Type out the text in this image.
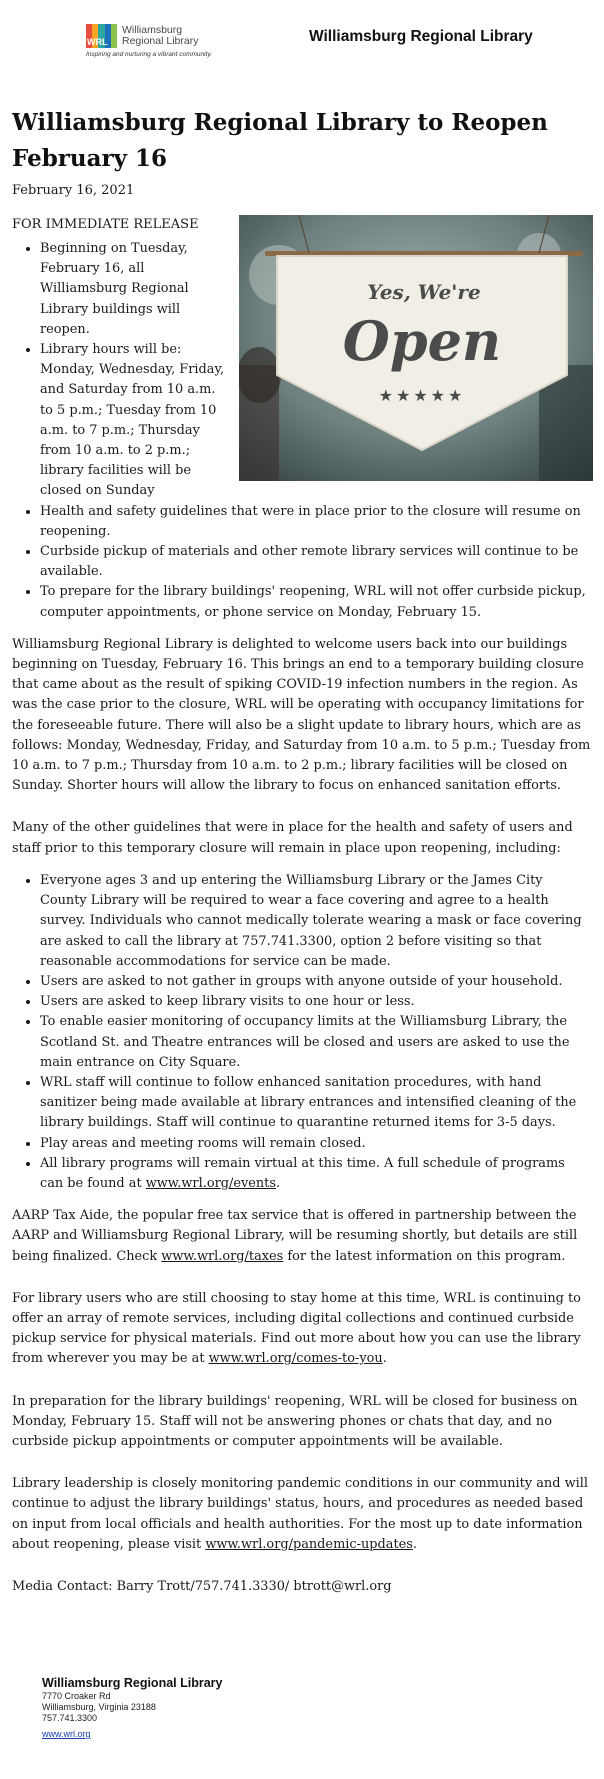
WRL
Williamsburg
Regional Library
Inspiring and nurturing a vibrant community.
Williamsburg Regional Library
Williamsburg Regional Library to Reopen February 16
February 16, 2021
Yes, We're
Open
★★★★★
FOR IMMEDIATE RELEASE
• Beginning on Tuesday, February 16, all Williamsburg Regional Library buildings will reopen.
• Library hours will be: Monday, Wednesday, Friday, and Saturday from 10 a.m. to 5 p.m.; Tuesday from 10 a.m. to 7 p.m.; Thursday from 10 a.m. to 2 p.m.; library facilities will be closed on Sunday
• Health and safety guidelines that were in place prior to the closure will resume on reopening.
• Curbside pickup of materials and other remote library services will continue to be available.
• To prepare for the library buildings' reopening, WRL will not offer curbside pickup, computer appointments, or phone service on Monday, February 15.

Williamsburg Regional Library is delighted to welcome users back into our buildings beginning on Tuesday, February 16. This brings an end to a temporary building closure that came about as the result of spiking COVID-19 infection numbers in the region. As was the case prior to the closure, WRL will be operating with occupancy limitations for the foreseeable future. There will also be a slight update to library hours, which are as follows: Monday, Wednesday, Friday, and Saturday from 10 a.m. to 5 p.m.; Tuesday from 10 a.m. to 7 p.m.; Thursday from 10 a.m. to 2 p.m.; library facilities will be closed on Sunday. Shorter hours will allow the library to focus on enhanced sanitation efforts.

Many of the other guidelines that were in place for the health and safety of users and staff prior to this temporary closure will remain in place upon reopening, including:

• Everyone ages 3 and up entering the Williamsburg Library or the James City County Library will be required to wear a face covering and agree to a health survey. Individuals who cannot medically tolerate wearing a mask or face covering are asked to call the library at 757.741.3300, option 2 before visiting so that reasonable accommodations for service can be made.
• Users are asked to not gather in groups with anyone outside of your household.
• Users are asked to keep library visits to one hour or less.
• To enable easier monitoring of occupancy limits at the Williamsburg Library, the Scotland St. and Theatre entrances will be closed and users are asked to use the main entrance on City Square.
• WRL staff will continue to follow enhanced sanitation procedures, with hand sanitizer being made available at library entrances and intensified cleaning of the library buildings. Staff will continue to quarantine returned items for 3-5 days.
• Play areas and meeting rooms will remain closed.
• All library programs will remain virtual at this time. A full schedule of programs can be found at www.wrl.org/events.

AARP Tax Aide, the popular free tax service that is offered in partnership between the AARP and Williamsburg Regional Library, will be resuming shortly, but details are still being finalized. Check www.wrl.org/taxes for the latest information on this program.

For library users who are still choosing to stay home at this time, WRL is continuing to offer an array of remote services, including digital collections and continued curbside pickup service for physical materials. Find out more about how you can use the library from wherever you may be at www.wrl.org/comes-to-you.

In preparation for the library buildings' reopening, WRL will be closed for business on Monday, February 15. Staff will not be answering phones or chats that day, and no curbside pickup appointments or computer appointments will be available.

Library leadership is closely monitoring pandemic conditions in our community and will continue to adjust the library buildings' status, hours, and procedures as needed based on input from local officials and health authorities. For the most up to date information about reopening, please visit www.wrl.org/pandemic-updates.

Media Contact: Barry Trott/757.741.3330/ btrott@wrl.org

Williamsburg Regional Library
7770 Croaker Rd
Williamsburg, Virginia 23188
757.741.3300
www.wrl.org
